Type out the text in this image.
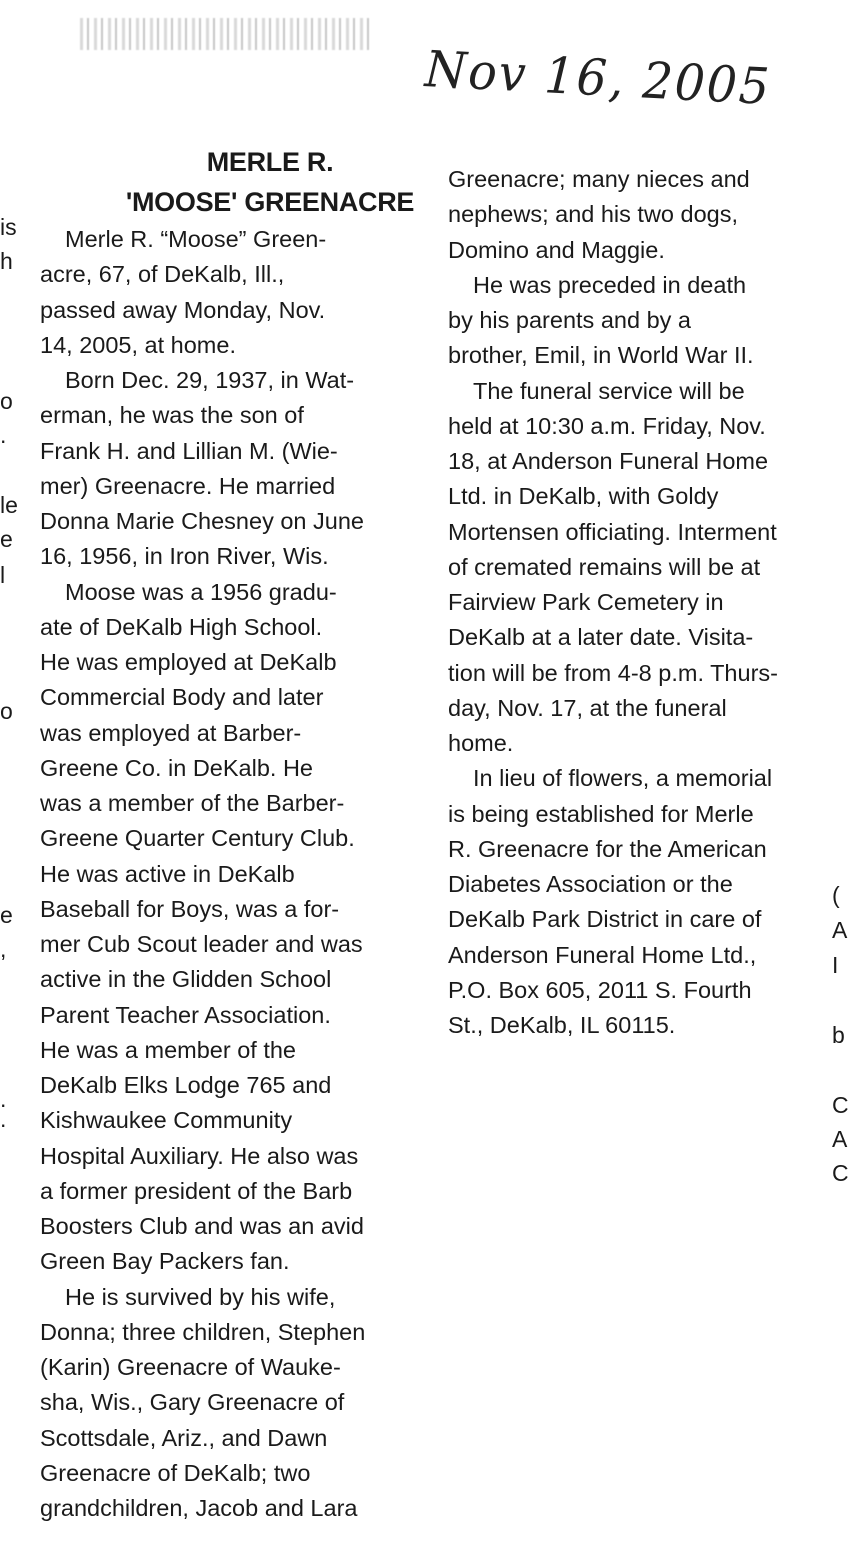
Nov 16, 2005
MERLE R.
'MOOSE' GREENACRE
Merle R. “Moose” Green-
acre, 67, of DeKalb, Ill.,
passed away Monday, Nov.
14, 2005, at home.
Born Dec. 29, 1937, in Wat-
erman, he was the son of
Frank H. and Lillian M. (Wie-
mer) Greenacre. He married
Donna Marie Chesney on June
16, 1956, in Iron River, Wis.
Moose was a 1956 gradu-
ate of DeKalb High School.
He was employed at DeKalb
Commercial Body and later
was employed at Barber-
Greene Co. in DeKalb. He
was a member of the Barber-
Greene Quarter Century Club.
He was active in DeKalb
Baseball for Boys, was a for-
mer Cub Scout leader and was
active in the Glidden School
Parent Teacher Association.
He was a member of the
DeKalb Elks Lodge 765 and
Kishwaukee Community
Hospital Auxiliary. He also was
a former president of the Barb
Boosters Club and was an avid
Green Bay Packers fan.
He is survived by his wife,
Donna; three children, Stephen
(Karin) Greenacre of Wauke-
sha, Wis., Gary Greenacre of
Scottsdale, Ariz., and Dawn
Greenacre of DeKalb; two
grandchildren, Jacob and Lara
Greenacre; many nieces and
nephews; and his two dogs,
Domino and Maggie.
He was preceded in death
by his parents and by a
brother, Emil, in World War II.
The funeral service will be
held at 10:30 a.m. Friday, Nov.
18, at Anderson Funeral Home
Ltd. in DeKalb, with Goldy
Mortensen officiating. Interment
of cremated remains will be at
Fairview Park Cemetery in
DeKalb at a later date. Visita-
tion will be from 4-8 p.m. Thurs-
day, Nov. 17, at the funeral
home.
In lieu of flowers, a memorial
is being established for Merle
R. Greenacre for the American
Diabetes Association or the
DeKalb Park District in care of
Anderson Funeral Home Ltd.,
P.O. Box 605, 2011 S. Fourth
St., DeKalb, IL 60115.
is
h
o
.
le
e
l
o
e
,
.
.
(
A
I
b
C
A
C
